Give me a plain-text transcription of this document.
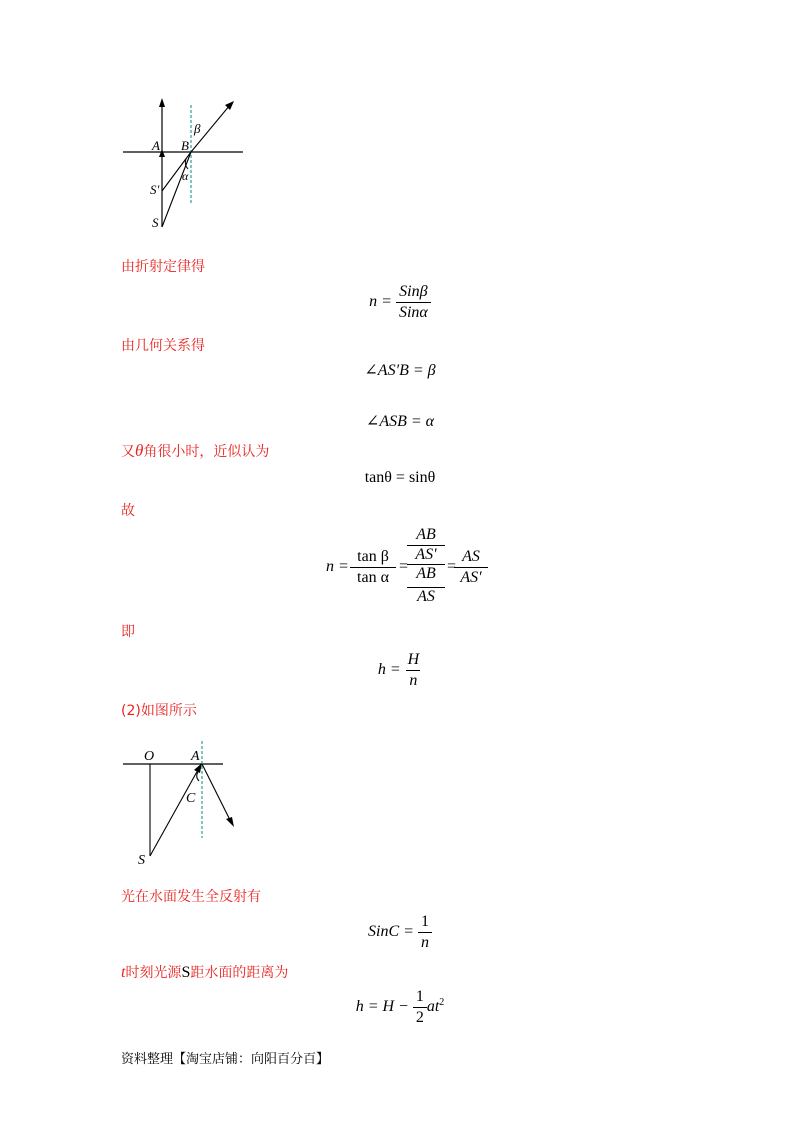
A B
β
S′
α
S
由折射定律得
$n = \frac{\text{Sinβ}}{\text{Sinα}}$
由几何关系得
∠AS′B = β
∠ASB = α
又θ角很小时，近似认为
tanθ = sinθ
故
n =
tan β
tan α
=
AB
AS′
AB
AS
=
$\frac{AS}{AS'}$
即
$h = \frac{H}{n}$
(2)如图所示
O	A
C
S
光在水面发生全反射有
SinC = $\frac{1}{n}$
t时刻光源S距水面的距离为
$h = H - \frac{1}{2} at^2$
资料整理【淘宝店铺：向阳百分百】
